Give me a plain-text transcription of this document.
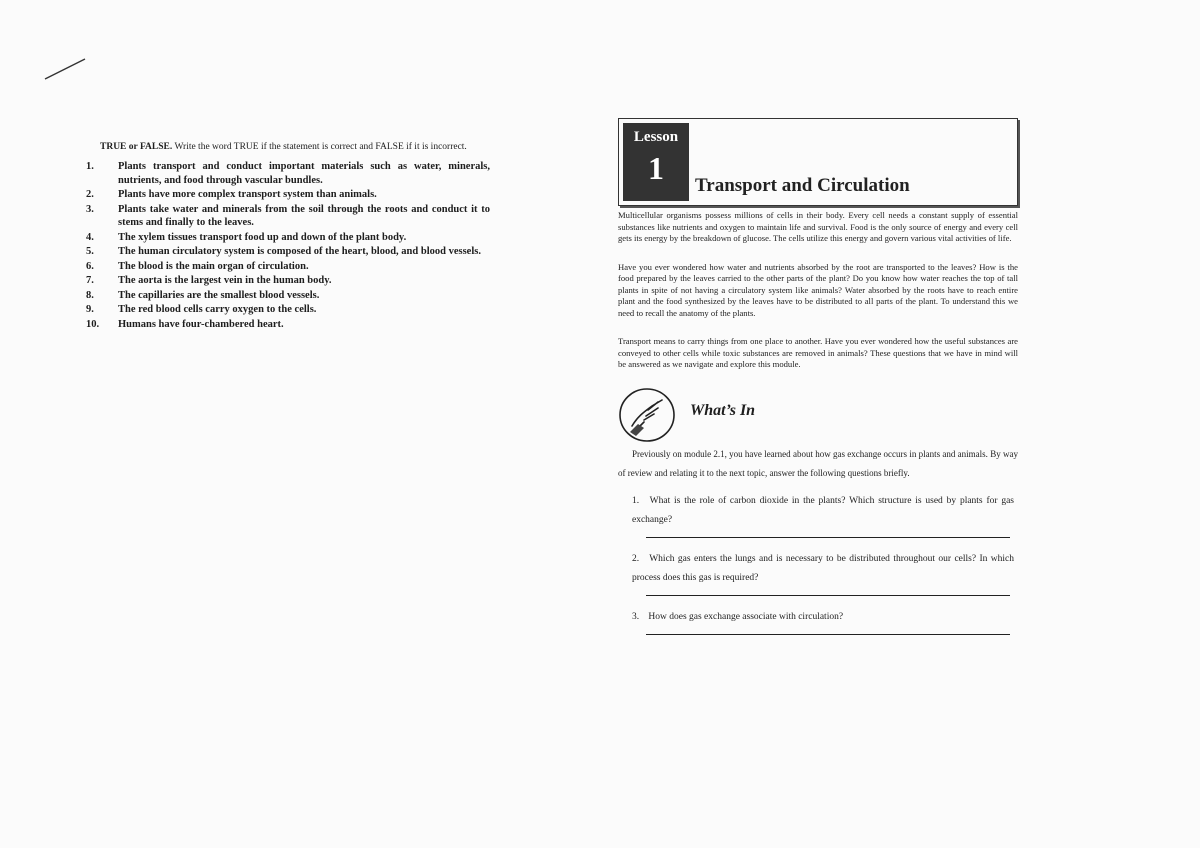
TRUE or FALSE. Write the word TRUE if the statement is correct and FALSE if it is incorrect.

1.	Plants transport and conduct important materials such as water, minerals, nutrients, and food through vascular bundles.
2.	Plants have more complex transport system than animals.
3.	Plants take water and minerals from the soil through the roots and conduct it to stems and finally to the leaves.
4.	The xylem tissues transport food up and down of the plant body.
5.	The human circulatory system is composed of the heart, blood, and blood vessels.
6.	The blood is the main organ of circulation.
7.	The aorta is the largest vein in the human body.
8.	The capillaries are the smallest blood vessels.
9.	The red blood cells carry oxygen to the cells.
10.	Humans have four-chambered heart.
Lesson
1	Transport and Circulation

Multicellular organisms possess millions of cells in their body. Every cell needs a constant supply of essential substances like nutrients and oxygen to maintain life and survival. Food is the only source of energy and every cell gets its energy by the breakdown of glucose. The cells utilize this energy and govern various vital activities of life.

Have you ever wondered how water and nutrients absorbed by the root are transported to the leaves? How is the food prepared by the leaves carried to the other parts of the plant? Do you know how water reaches the top of tall plants in spite of not having a circulatory system like animals? Water absorbed by the roots have to reach entire plant and the food synthesized by the leaves have to be distributed to all parts of the plant. To understand this we need to recall the anatomy of the plants.

Transport means to carry things from one place to another. Have you ever wondered how the useful substances are conveyed to other cells while toxic substances are removed in animals? These questions that we have in mind will be answered as we navigate and explore this module.

What’s In

Previously on module 2.1, you have learned about how gas exchange occurs in plants and animals. By way of review and relating it to the next topic, answer the following questions briefly.

1. What is the role of carbon dioxide in the plants? Which structure is used by plants for gas exchange?
2. Which gas enters the lungs and is necessary to be distributed throughout our cells? In which process does this gas is required?
3. How does gas exchange associate with circulation?
